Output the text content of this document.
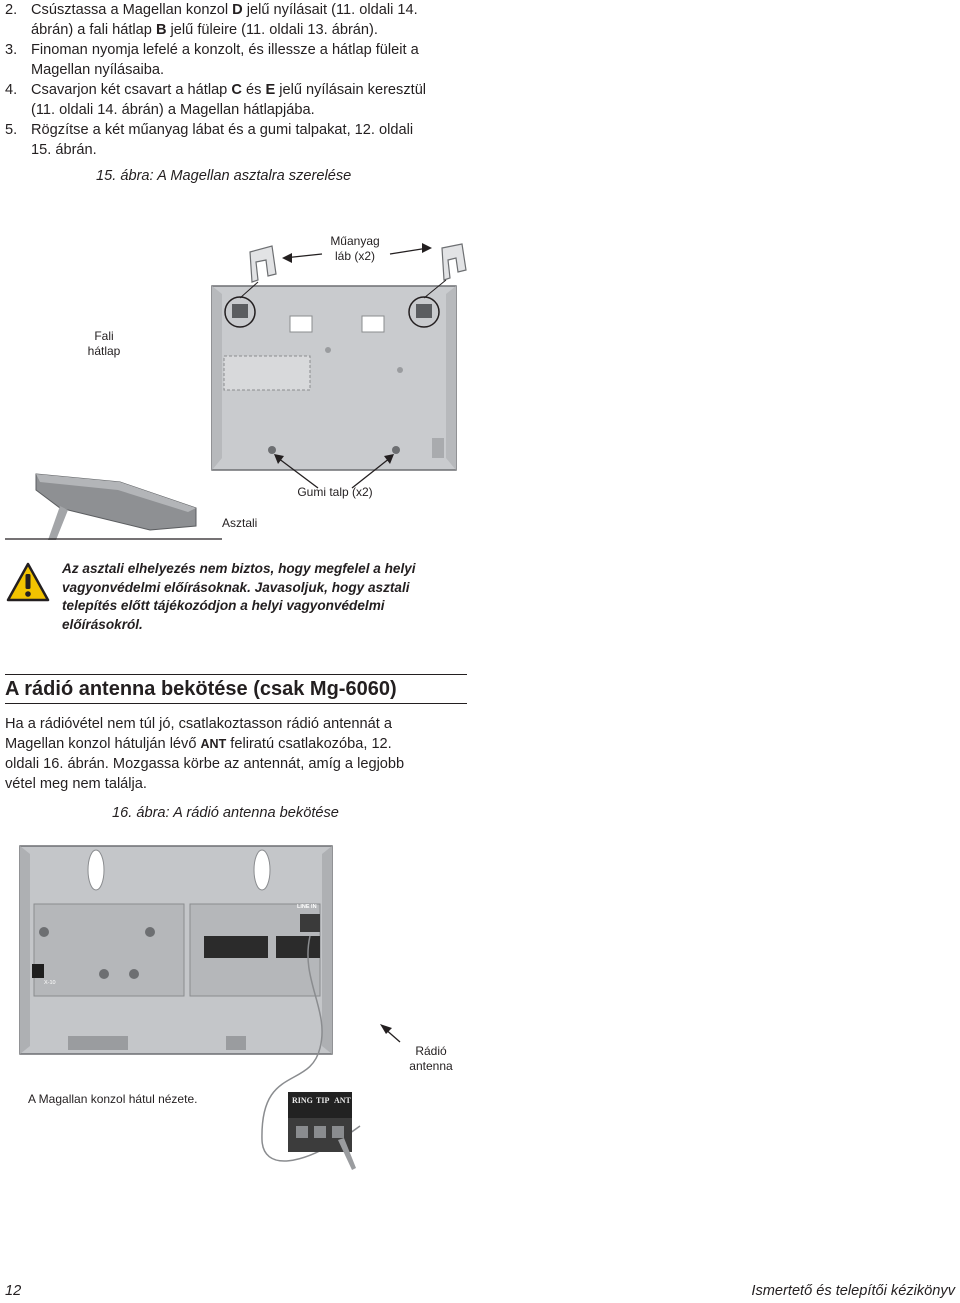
2. Csúsztassa a Magellan konzol D jelű nyílásait (11. oldali 14.
ábrán) a fali hátlap B jelű füleire (11. oldali 13. ábrán).
3. Finoman nyomja lefelé a konzolt, és illessze a hátlap füleit a
Magellan nyílásaiba.
4. Csavarjon két csavart a hátlap C és E jelű nyílásain keresztül
(11. oldali 14. ábrán) a Magellan hátlapjába.
5. Rögzítse a két műanyag lábat és a gumi talpakat, 12. oldali
15. ábrán.
15. ábra: A Magellan asztalra szerelése
Műanyag
láb (x2)
Fali
hátlap
Gumi talp (x2)
Asztali
Az asztali elhelyezés nem biztos, hogy megfelel a helyi
vagyonvédelmi előírásoknak. Javasoljuk, hogy asztali
telepítés előtt tájékozódjon a helyi vagyonvédelmi
előírásokról.
A rádió antenna bekötése (csak Mg-6060)
Ha a rádióvétel nem túl jó, csatlakoztasson rádió antennát a
Magellan konzol hátulján lévő ANT feliratú csatlakozóba, 12.
oldali 16. ábrán. Mozgassa körbe az antennát, amíg a legjobb
vétel meg nem találja.
16. ábra: A rádió antenna bekötése
LINE IN
X-10
RING TIP ANT
Rádió
antenna
A Magallan konzol hátul nézete.
12	Ismertető és telepítői kézikönyv
